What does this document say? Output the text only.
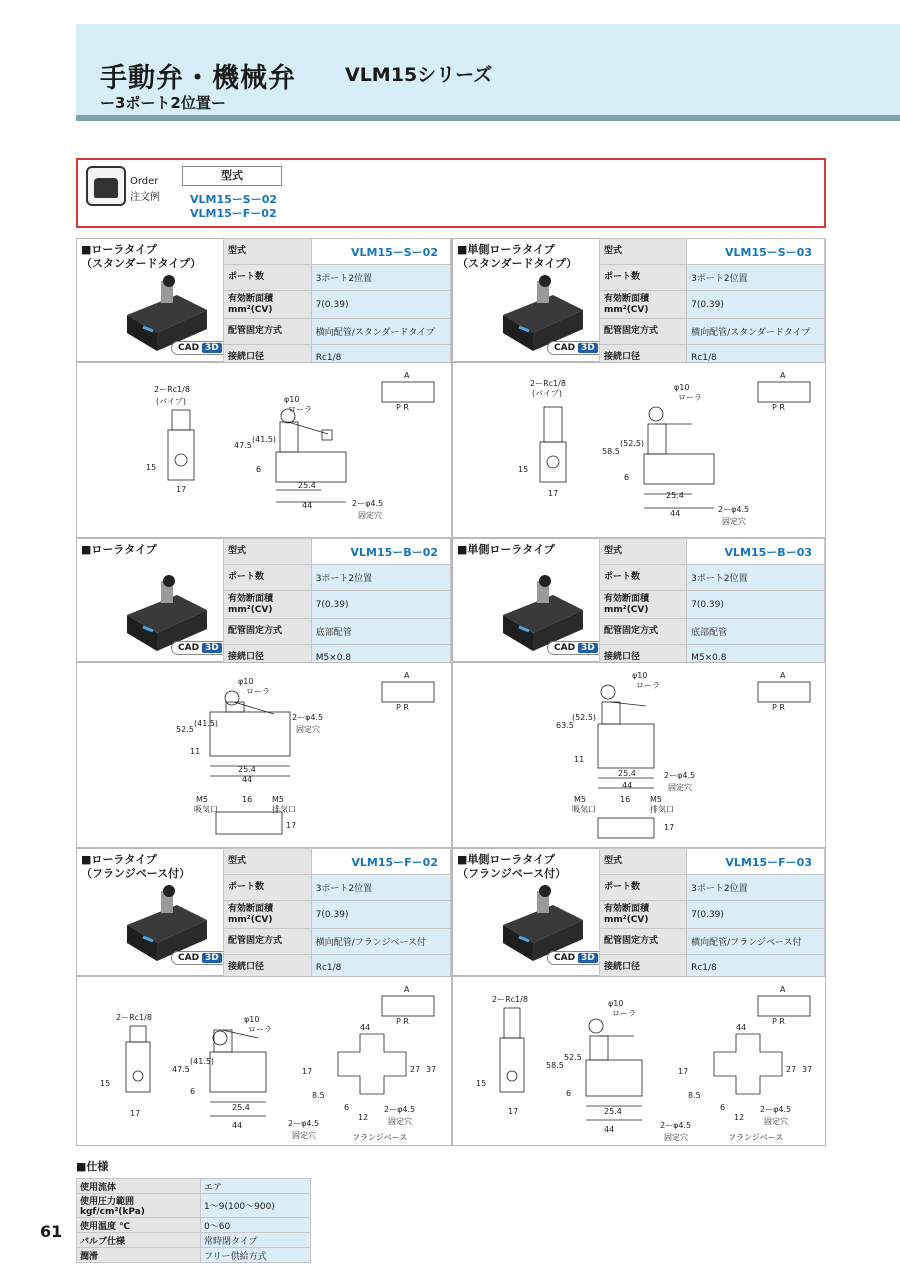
手動弁・機械弁	VLM15シリーズ
ー3ポート2位置ー
Order
注文例
型式
VLM15ーSー02
VLM15ーFー02
■ローラタイプ
（スタンダードタイプ）
CAD 3D
型式	VLM15ーSー02
ポート数	3ポート2位置
有効断面積
mm²(CV)	7(0.39)
配管固定方式	横向配管/スタンダードタイプ
接続口径	Rc1/8
■単側ローラタイプ
（スタンダードタイプ）
CAD 3D
型式	VLM15ーSー03
ポート数	3ポート2位置
有効断面積
mm²(CV)	7(0.39)
配管固定方式	横向配管/スタンダードタイプ
接続口径	Rc1/8
■ローラタイプ
CAD 3D
型式	VLM15ーBー02
ポート数	3ポート2位置
有効断面積
mm²(CV)	7(0.39)
配管固定方式	底部配管
接続口径	M5×0.8
■単側ローラタイプ
CAD 3D
型式	VLM15ーBー03
ポート数	3ポート2位置
有効断面積
mm²(CV)	7(0.39)
配管固定方式	底部配管
接続口径	M5×0.8
■ローラタイプ
（フランジベース付）
CAD 3D
型式	VLM15ーFー02
ポート数	3ポート2位置
有効断面積
mm²(CV)	7(0.39)
配管固定方式	横向配管/フランジベース付
接続口径	Rc1/8
■単側ローラタイプ
（フランジベース付）
CAD 3D
型式	VLM15ーFー03
ポート数	3ポート2位置
有効断面積
mm²(CV)	7(0.39)
配管固定方式	横向配管/フランジベース付
接続口径	Rc1/8
■仕様
使用流体	エア
使用圧力範囲 kgf/cm²(kPa)	1〜9(100〜900)
使用温度 ℃	0〜60
バルブ仕様	常時閉タイプ
潤滑	フリー供給方式
61
2ーRc1/8
(パイプ)
15
17
φ10
ローラ
47.5
(41.5)
6
25.4
44	2ーφ4.5
固定穴
A
P R
2ーRc1/8
(パイプ)
15
17
φ10
ローラ
58.5
(52.5)
6
25.4
44	2ーφ4.5
固定穴
A
P R
φ10
ローラ
52.5
(41.5)
11
2ーφ4.5
固定穴
25.4
44
M5
吸気口
16 M5
排気口
17
A
P R
φ10
ローラ
63.5
(52.5)
11
2ーφ4.5
固定穴
25.4
44
M5
吸気口
16 M5
排気口
17
A
P R
2ーRc1/8
15
17
φ10
ローラ
47.5
(41.5)
6
25.4
44	2ーφ4.5
固定穴
44
17
8.5
27 37
6
12
2ーφ4.5
固定穴
フランジベース
A
P R
2ーRc1/8
15
17
φ10
ローラ
58.5
52.5
6
25.4
44	2ーφ4.5
固定穴
44
17
8.5
27 37
6
12
2ーφ4.5
固定穴
フランジベース
A
P R
